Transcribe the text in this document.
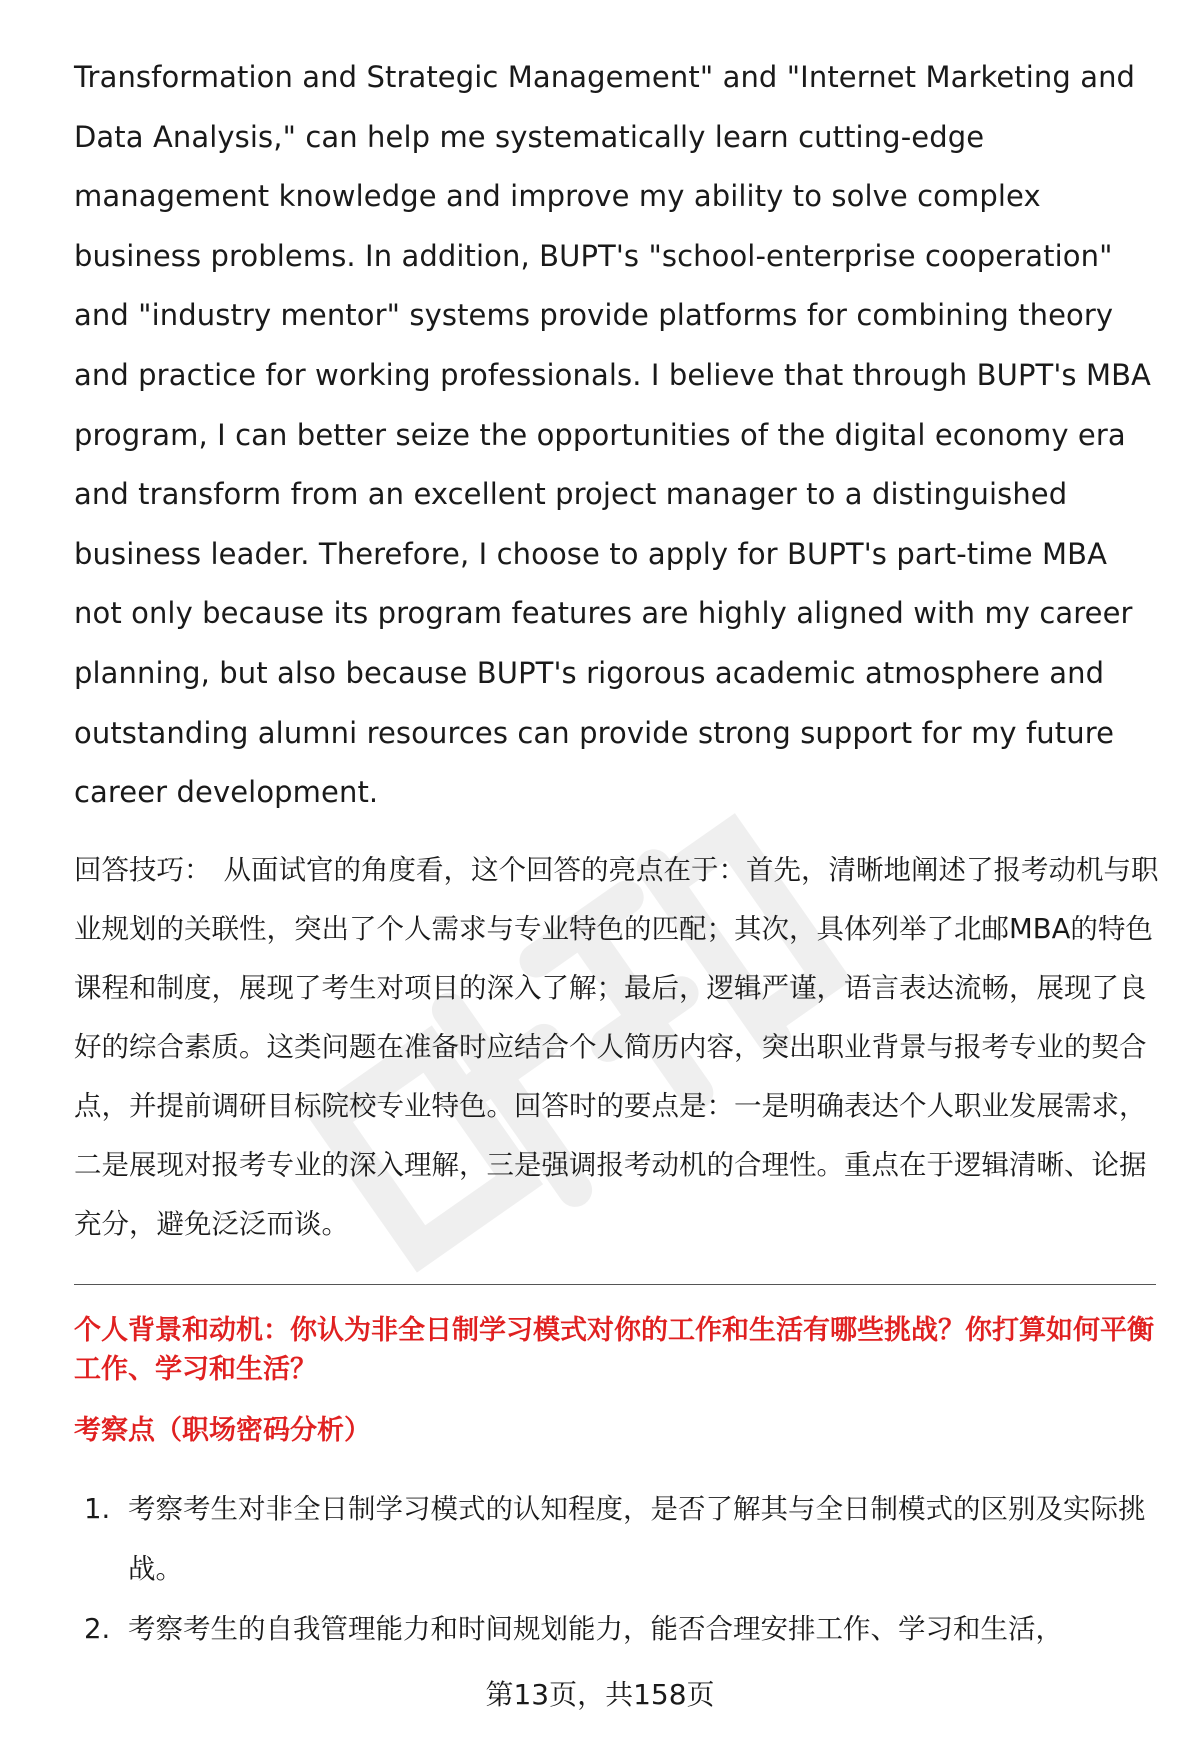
Transformation and Strategic Management" and "Internet Marketing and Data Analysis," can help me systematically learn cutting-edge management knowledge and improve my ability to solve complex business problems. In addition, BUPT's "school-enterprise cooperation" and "industry mentor" systems provide platforms for combining theory and practice for working professionals. I believe that through BUPT's MBA program, I can better seize the opportunities of the digital economy era and transform from an excellent project manager to a distinguished business leader. Therefore, I choose to apply for BUPT's part-time MBA not only because its program features are highly aligned with my career planning, but also because BUPT's rigorous academic atmosphere and outstanding alumni resources can provide strong support for my future career development.

回答技巧： 从面试官的角度看，这个回答的亮点在于：首先，清晰地阐述了报考动机与职业规划的关联性，突出了个人需求与专业特色的匹配；其次，具体列举了北邮MBA的特色课程和制度，展现了考生对项目的深入了解；最后，逻辑严谨，语言表达流畅，展现了良好的综合素质。这类问题在准备时应结合个人简历内容，突出职业背景与报考专业的契合点，并提前调研目标院校专业特色。回答时的要点是：一是明确表达个人职业发展需求，二是展现对报考专业的深入理解，三是强调报考动机的合理性。重点在于逻辑清晰、论据充分，避免泛泛而谈。

个人背景和动机：你认为非全日制学习模式对你的工作和生活有哪些挑战？你打算如何平衡工作、学习和生活？

考察点（职场密码分析）

1. 考察考生对非全日制学习模式的认知程度，是否了解其与全日制模式的区别及实际挑战。
2. 考察考生的自我管理能力和时间规划能力，能否合理安排工作、学习和生活，
第13页，共158页
